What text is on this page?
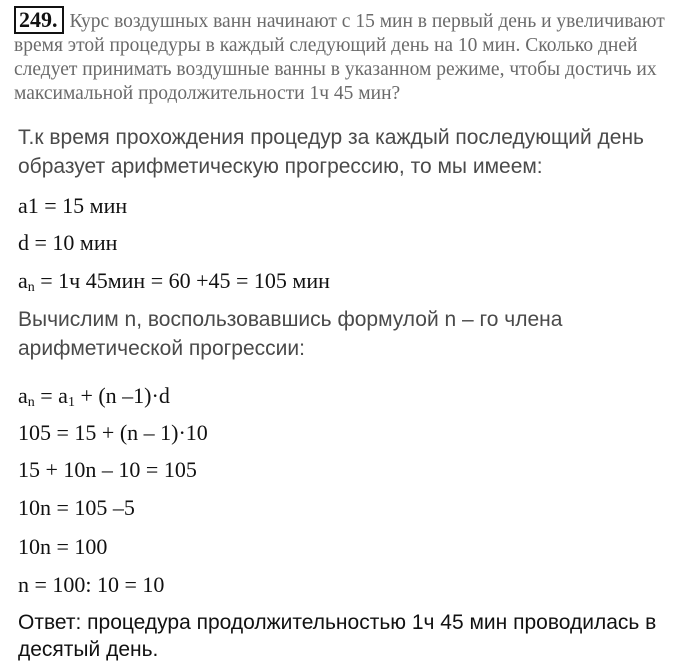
249. Курс воздушных ванн начинают с 15 мин в первый день и увеличивают время этой процедуры в каждый следующий день на 10 мин. Сколько дней следует принимать воздушные ванны в указанном режиме, чтобы достичь их максимальной продолжительности 1ч 45 мин?
Т.к время прохождения процедур за каждый последующий день образует арифметическую прогрессию, то мы имеем:
a1 = 15 мин
d = 10 мин
$a_n = 1ч$ 45мин = 60 +45 = 105 мин
Вычислим n, воспользовавшись формулой n – го члена арифметической прогрессии:
$a_n = a_1 + (n$ –1)·d
105 = 15 + (n – 1)·10
15 + 10n – 10 = 105
10n = 105 –5
10n = 100
n = 100: 10 = 10
Ответ: процедура продолжительностью 1ч 45 мин проводилась в десятый день.
